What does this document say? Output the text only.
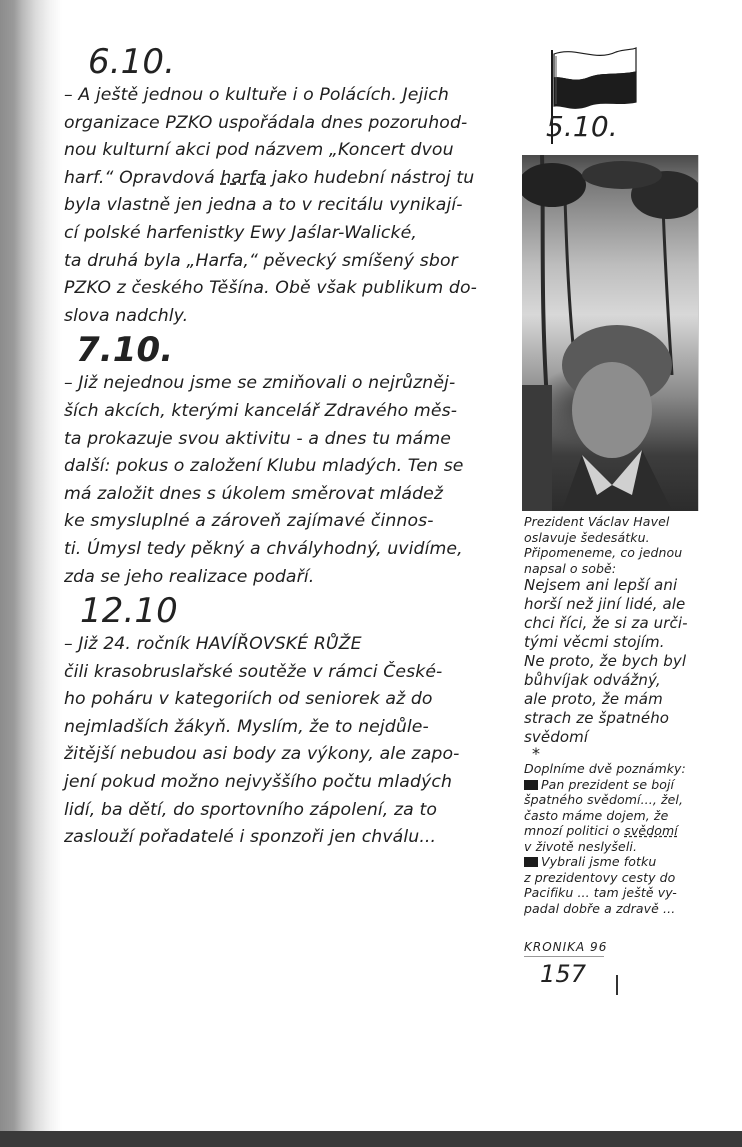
6.10.
– A ještě jednou o kultuře i o Polácích. Jejich
organizace PZKO uspořádala dnes pozoruhod-
nou kulturní akci pod názvem „Koncert dvou
harf.“ Opravdová harfa jako hudební nástroj tu
byla vlastně jen jedna a to v recitálu vynikají-
cí polské harfenistky Ewy Jaślar-Walické,
ta druhá byla „Harfa,“ pěvecký smíšený sbor
PZKO z českého Těšína. Obě však publikum do-
slova nadchly.
7.10.
– Již nejednou jsme se zmiňovali o nejrůzněj-
ších akcích, kterými kancelář Zdravého měs-
ta prokazuje svou aktivitu - a dnes tu máme
další: pokus o založení Klubu mladých. Ten se
má založit dnes s úkolem směrovat mládež
ke smysluplné a zároveň zajímavé činnos-
ti. Úmysl tedy pěkný a chvályhodný, uvidíme,
zda se jeho realizace podaří.
12.10
– Již 24. ročník HAVÍŘOVSKÉ RŮŽE
čili krasobruslařské soutěže v rámci České-
ho poháru v kategoriích od seniorek až do
nejmladších žákyň. Myslím, že to nejdůle-
žitější nebudou asi body za výkony, ale zapo-
jení pokud možno nejvyššího počtu mladých
lidí, ba dětí, do sportovního zápolení, za to
zaslouží pořadatelé i sponzoři jen chválu...
5.10.
Prezident Václav Havel
oslavuje šedesátku.
Připomeneme, co jednou
napsal o sobě:
Nejsem ani lepší ani
horší než jiní lidé, ale
chci říci, že si za urči-
tými věcmi stojím.
Ne proto, že bych byl
bůhvíjak odvážný,
ale proto, že mám
strach ze špatného
svědomí
*
Doplníme dvě poznámky:
Pan prezident se bojí
špatného svědomí..., žel,
často máme dojem, že
mnozí politici o svědomí
v životě neslyšeli.
Vybrali jsme fotku
z prezidentovy cesty do
Pacifiku ... tam ještě vy-
padal dobře a zdravě ...
KRONIKA 96
157
